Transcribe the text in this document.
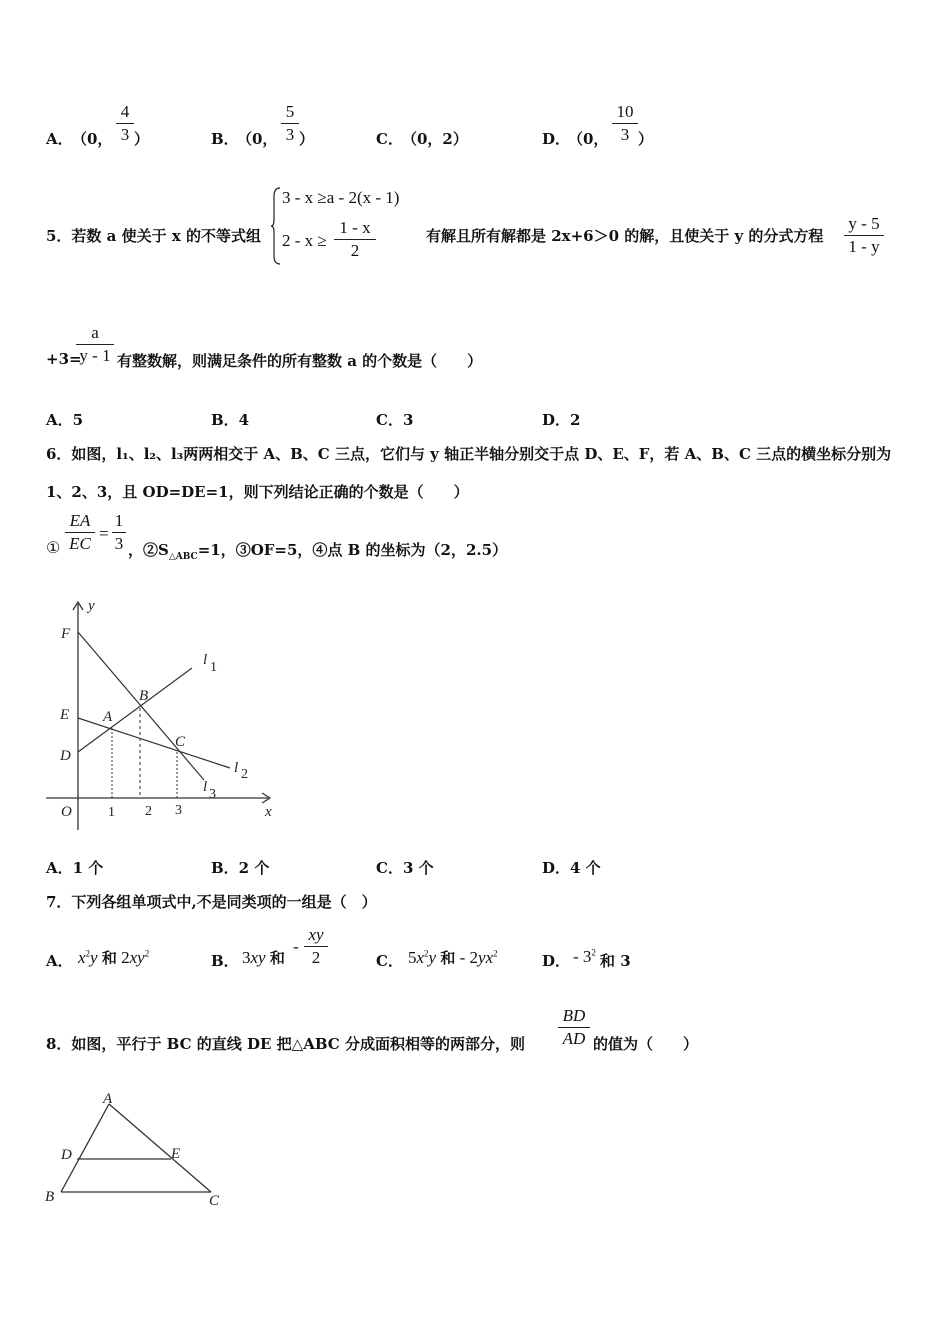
A． （0，
4
3 ）	B．
（0，
5
3 ）	C． （0，2）	D．
（0，
10
3 ）
5．若数 a 使关于 x 的不等式组
3 - x ≥a - 2(x - 1)
2 - x ≥
1 - x
2
有解且所有解都是 2x+6＞0 的解，且使关于 y 的分式方程
y - 5
1 - y
+3=
a
y - 1 有整数解，则满足条件的所有整数 a 的个数是（　　）
A．5	B．4	C．3	D．2
6．如图，l₁、l₂、l₃两两相交于 A、B、C 三点，它们与 y 轴正半轴分别交于点 D、E、F，若 A、B、C 三点的横坐标分别为
1、2、3，且 OD=DE=1，则下列结论正确的个数是（　　）
①
EA
EC
=
1
3 ，$②S_{\triangle ABC}=1$，③OF=5，④点 B 的坐标为（2，2.5）
y
x
O
F
E
D
A
B
C
l 1
l 2
l 3
1 2 3
A．1 个	B．2 个	C．3 个	D．4 个
7．下列各组单项式中,不是同类项的一组是（　）
A． $x^2y$ 和 $2xy^2$	B． 3xy 和
-
xy
2	C． $5x^2y$ 和 - $2yx^2$	D． - $3^2$ 和 3
8．如图，平行于 BC 的直线 DE 把△ABC 分成面积相等的两部分，则
BD
AD 的值为（　　）
A
D	E
B	C
